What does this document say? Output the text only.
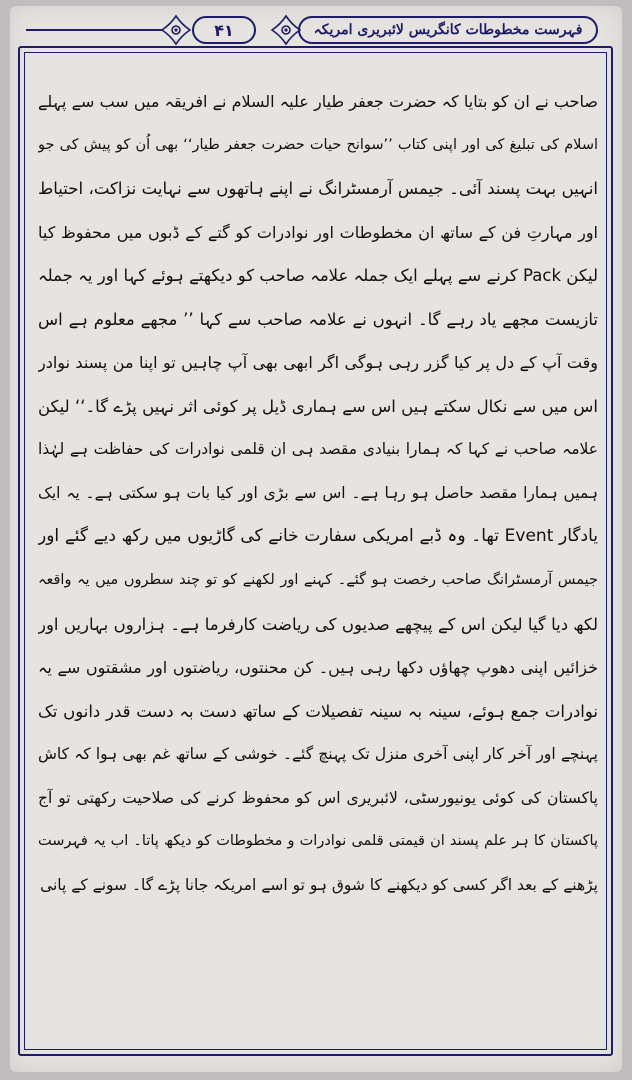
۴۱	فہرست مخطوطات کانگریس لائبریری امریکہ
صاحب نے ان کو بتایا کہ حضرت جعفر طیار علیہ السلام نے افریقہ میں سب سے پہلے
اسلام کی تبلیغ کی اور اپنی کتاب ’’سوانح حیات حضرت جعفر طیار‘‘ بھی اُن کو پیش کی جو
انہیں بہت پسند آئی۔ جیمس آرمسٹرانگ نے اپنے ہاتھوں سے نہایت نزاکت، احتیاط
اور مہارتِ فن کے ساتھ ان مخطوطات اور نوادرات کو گتے کے ڈبوں میں محفوظ کیا
لیکن Pack کرنے سے پہلے ایک جملہ علامہ صاحب کو دیکھتے ہوئے کہا اور یہ جملہ
تازیست مجھے یاد رہے گا۔ انہوں نے علامہ صاحب سے کہا ’’ مجھے معلوم ہے اس
وقت آپ کے دل پر کیا گزر رہی ہوگی اگر ابھی بھی آپ چاہیں تو اپنا من پسند نوادر
اس میں سے نکال سکتے ہیں اس سے ہماری ڈیل پر کوئی اثر نہیں پڑے گا۔‘‘ لیکن
علامہ صاحب نے کہا کہ ہمارا بنیادی مقصد ہی ان قلمی نوادرات کی حفاظت ہے لہٰذا
ہمیں ہمارا مقصد حاصل ہو رہا ہے۔ اس سے بڑی اور کیا بات ہو سکتی ہے۔ یہ ایک
یادگار Event تھا۔ وہ ڈبے امریکی سفارت خانے کی گاڑیوں میں رکھ دیے گئے اور
جیمس آرمسٹرانگ صاحب رخصت ہو گئے۔ کہنے اور لکھنے کو تو چند سطروں میں یہ واقعہ
لکھ دیا گیا لیکن اس کے پیچھے صدیوں کی ریاضت کارفرما ہے۔ ہزاروں بہاریں اور
خزائیں اپنی دھوپ چھاؤں دکھا رہی ہیں۔ کن محنتوں، ریاضتوں اور مشقتوں سے یہ
نوادرات جمع ہوئے، سینہ بہ سینہ تفصیلات کے ساتھ دست بہ دست قدر دانوں تک
پہنچے اور آخر کار اپنی آخری منزل تک پہنچ گئے۔ خوشی کے ساتھ غم بھی ہوا کہ کاش
پاکستان کی کوئی یونیورسٹی، لائبریری اس کو محفوظ کرنے کی صلاحیت رکھتی تو آج
پاکستان کا ہر علم پسند ان قیمتی قلمی نوادرات و مخطوطات کو دیکھ پاتا۔ اب یہ فہرست
پڑھنے کے بعد اگر کسی کو دیکھنے کا شوق ہو تو اسے امریکہ جانا پڑے گا۔ سونے کے پانی
